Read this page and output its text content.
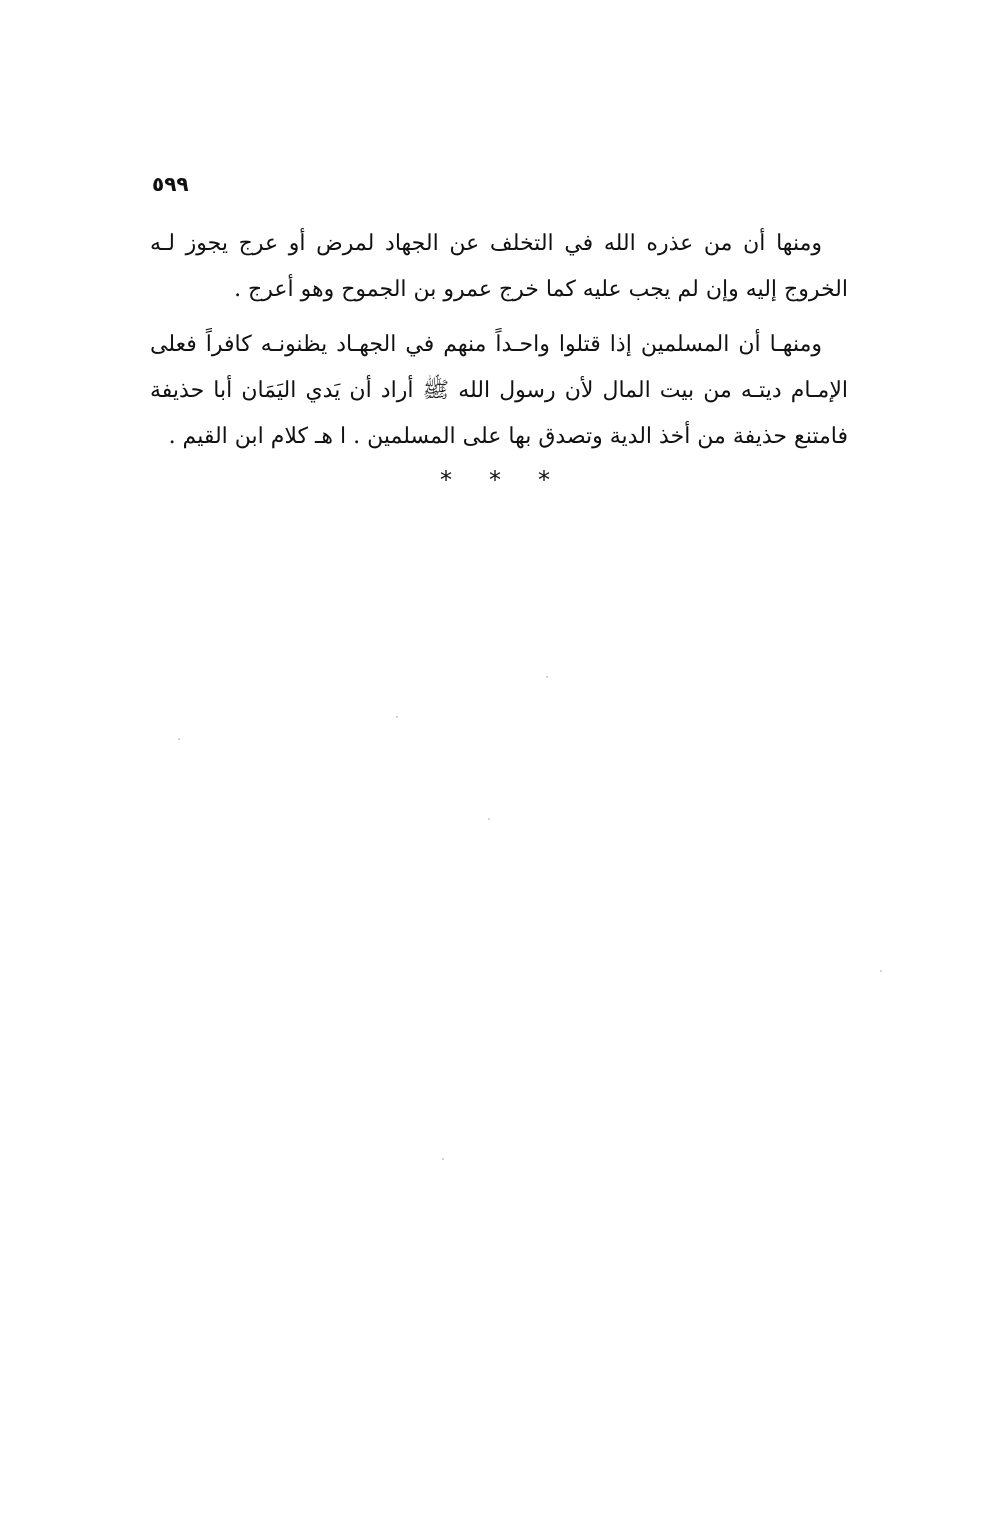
٥٩٩

ومنها أن من عذره الله في التخلف عن الجهاد لمرض أو عرج يجوز لـه الخروج إليه وإن لم يجب عليه كما خرج عمرو بن الجموح وهو أعرج .

ومنهـا أن المسلمين إذا قتلوا واحـداً منهم في الجهـاد يظنونـه كافراً فعلى الإمـام ديتـه من بيت المال لأن رسول الله ﷺ أراد أن يَدي اليَمَان أبا حذيفة فامتنع حذيفة من أخذ الدية وتصدق بها على المسلمين . ا هـ كلام ابن القيم .

* * *
